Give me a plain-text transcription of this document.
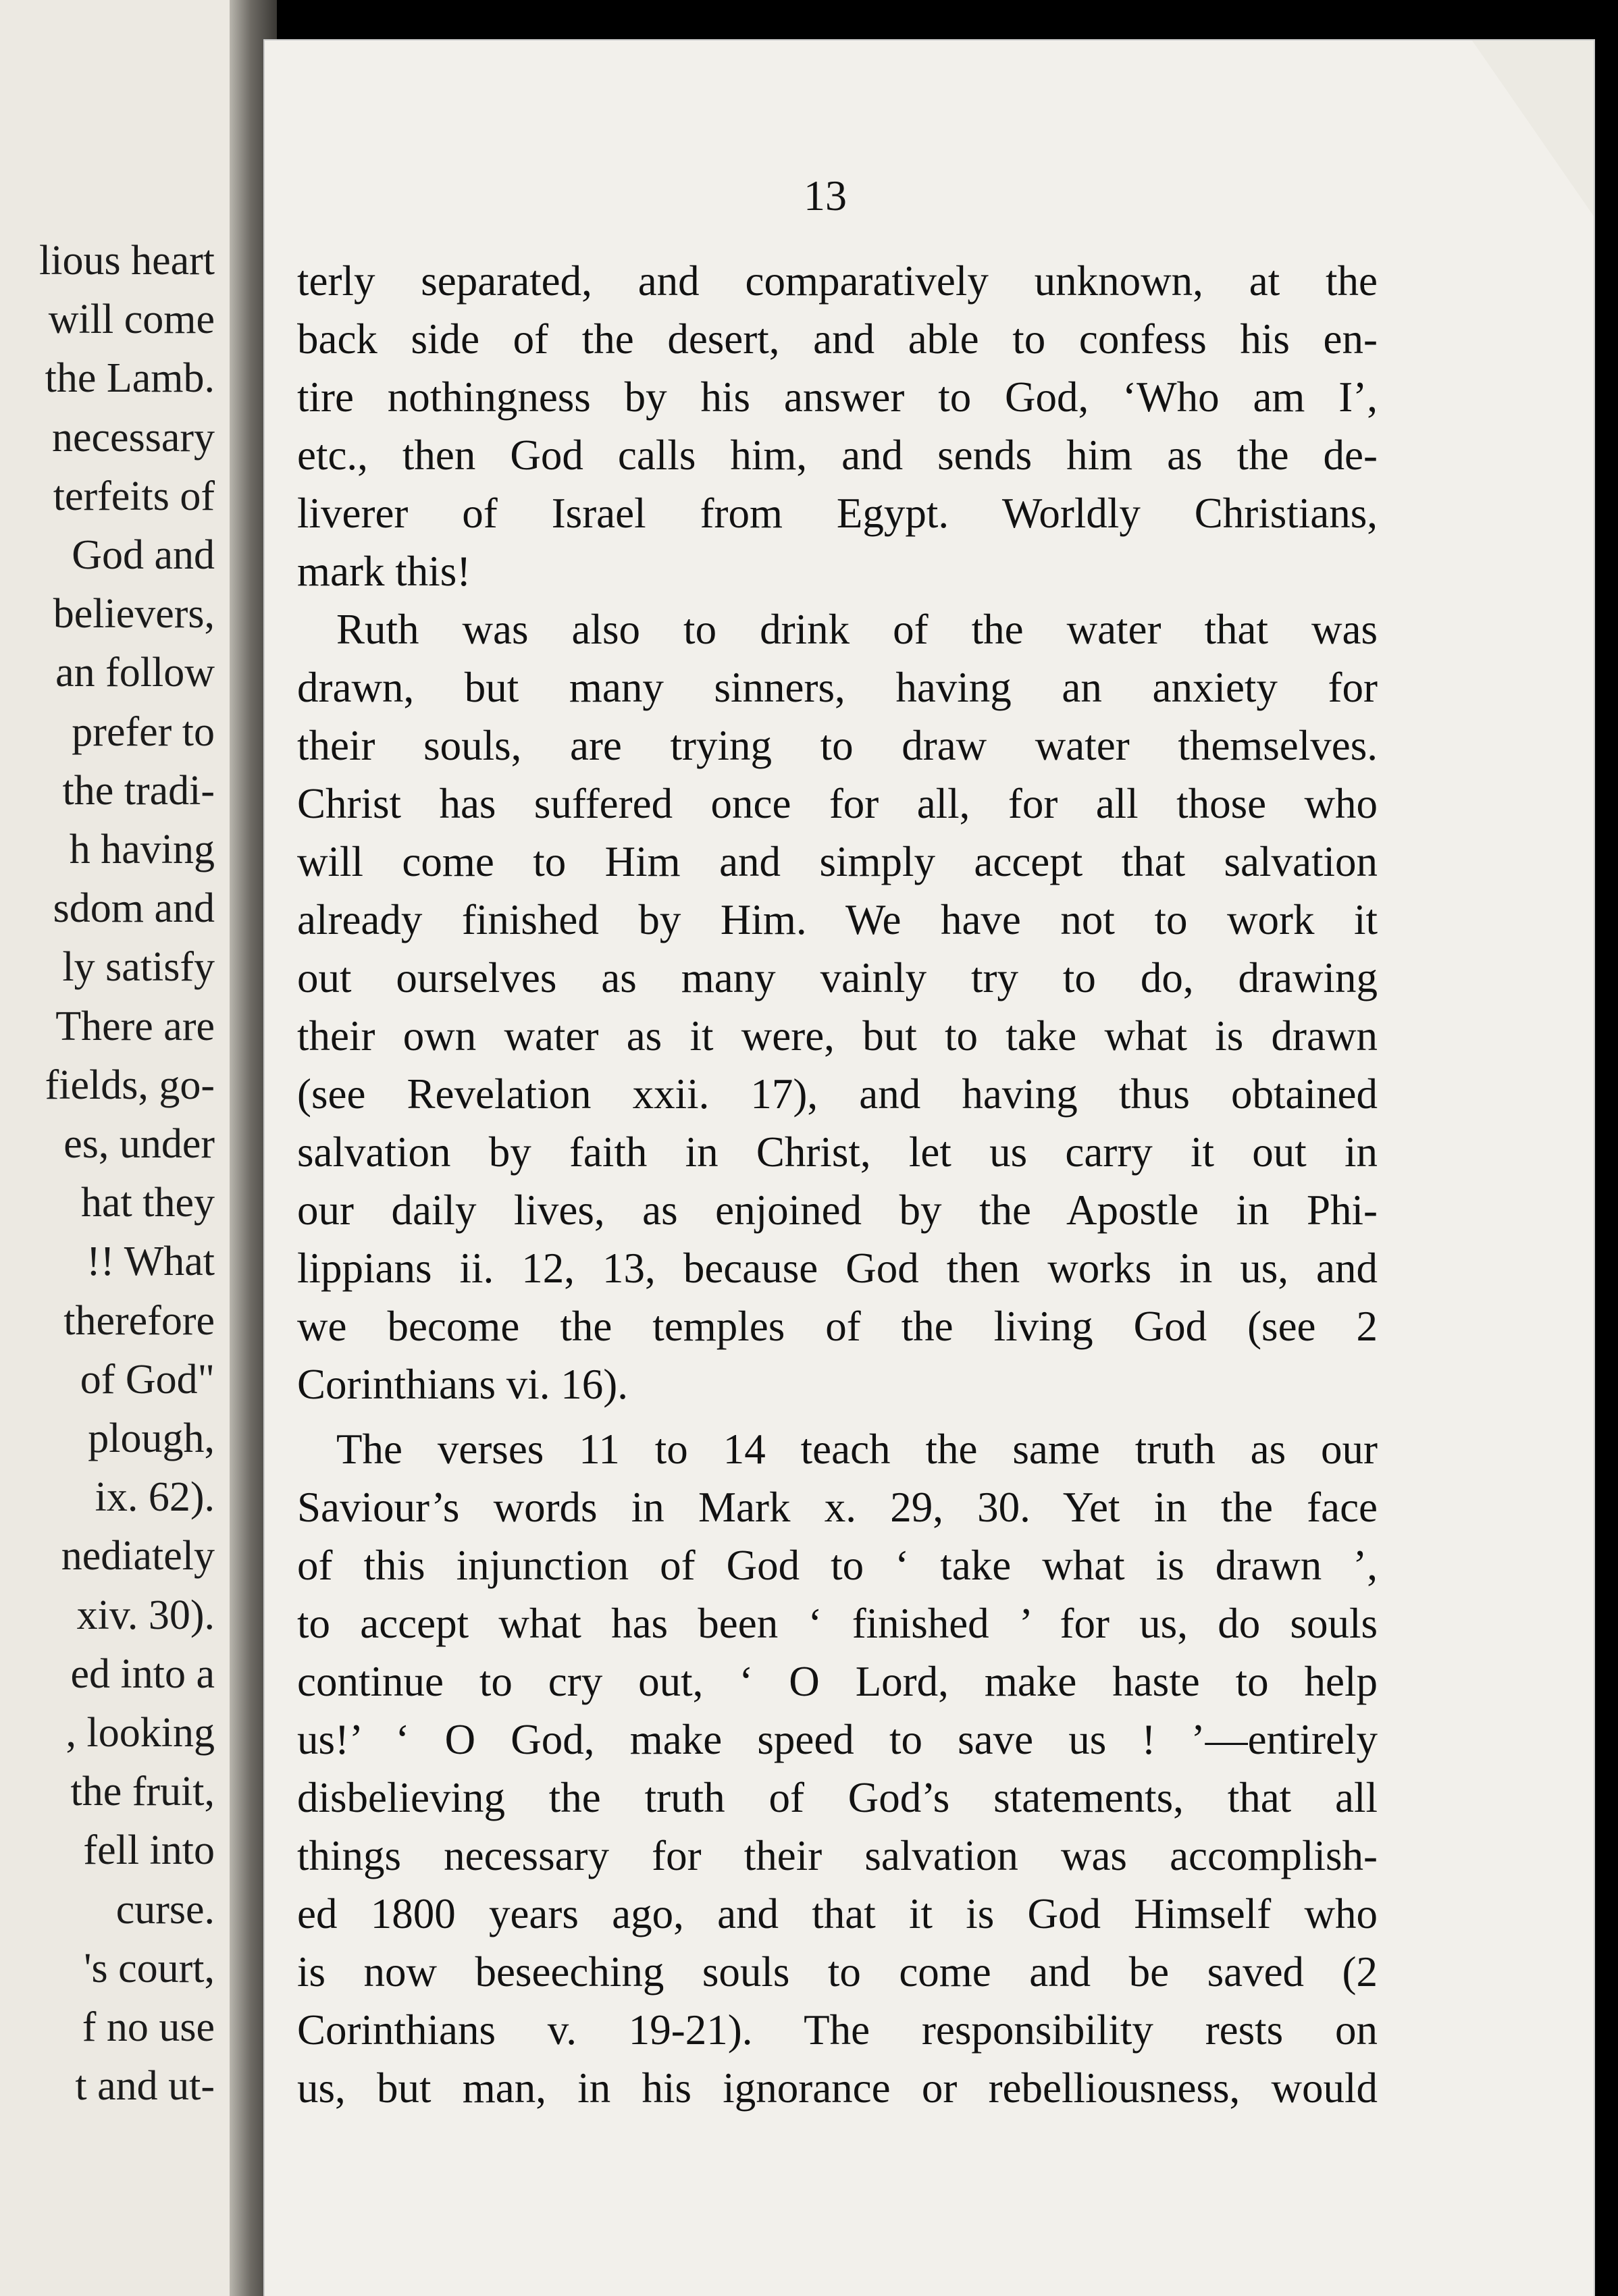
lious heart
will come
the Lamb.
necessary
terfeits of
God and
believers,
an follow
prefer to
the tradi-
h having
sdom and
ly satisfy
There are
fields, go-
es, under
hat they
!! What
therefore
of God"
plough,
ix. 62).
nediately
xiv. 30).
ed into a
, looking
the fruit,
fell into
curse.
's court,
f no use
t and ut-
13
terly separated, and comparatively unknown, at the
back side of the desert, and able to confess his en-
tire nothingness by his answer to God, ‘Who am I’,
etc., then God calls him, and sends him as the de-
liverer of Israel from Egypt. Worldly Christians,
mark this!
Ruth was also to drink of the water that was
drawn, but many sinners, having an anxiety for
their souls, are trying to draw water themselves.
Christ has suffered once for all, for all those who
will come to Him and simply accept that salvation
already finished by Him. We have not to work it
out ourselves as many vainly try to do, drawing
their own water as it were, but to take what is drawn
(see Revelation xxii. 17), and having thus obtained
salvation by faith in Christ, let us carry it out in
our daily lives, as enjoined by the Apostle in Phi-
lippians ii. 12, 13, because God then works in us, and
we become the temples of the living God (see 2
Corinthians vi. 16).
The verses 11 to 14 teach the same truth as our
Saviour’s words in Mark x. 29, 30. Yet in the face
of this injunction of God to ‘ take what is drawn ’,
to accept what has been ‘ finished ’ for us, do souls
continue to cry out, ‘ O Lord, make haste to help
us!’ ‘ O God, make speed to save us ! ’—entirely
disbelieving the truth of God’s statements, that all
things necessary for their salvation was accomplish-
ed 1800 years ago, and that it is God Himself who
is now beseeching souls to come and be saved (2
Corinthians v. 19-21). The responsibility rests on
us, but man, in his ignorance or rebelliousness, would
